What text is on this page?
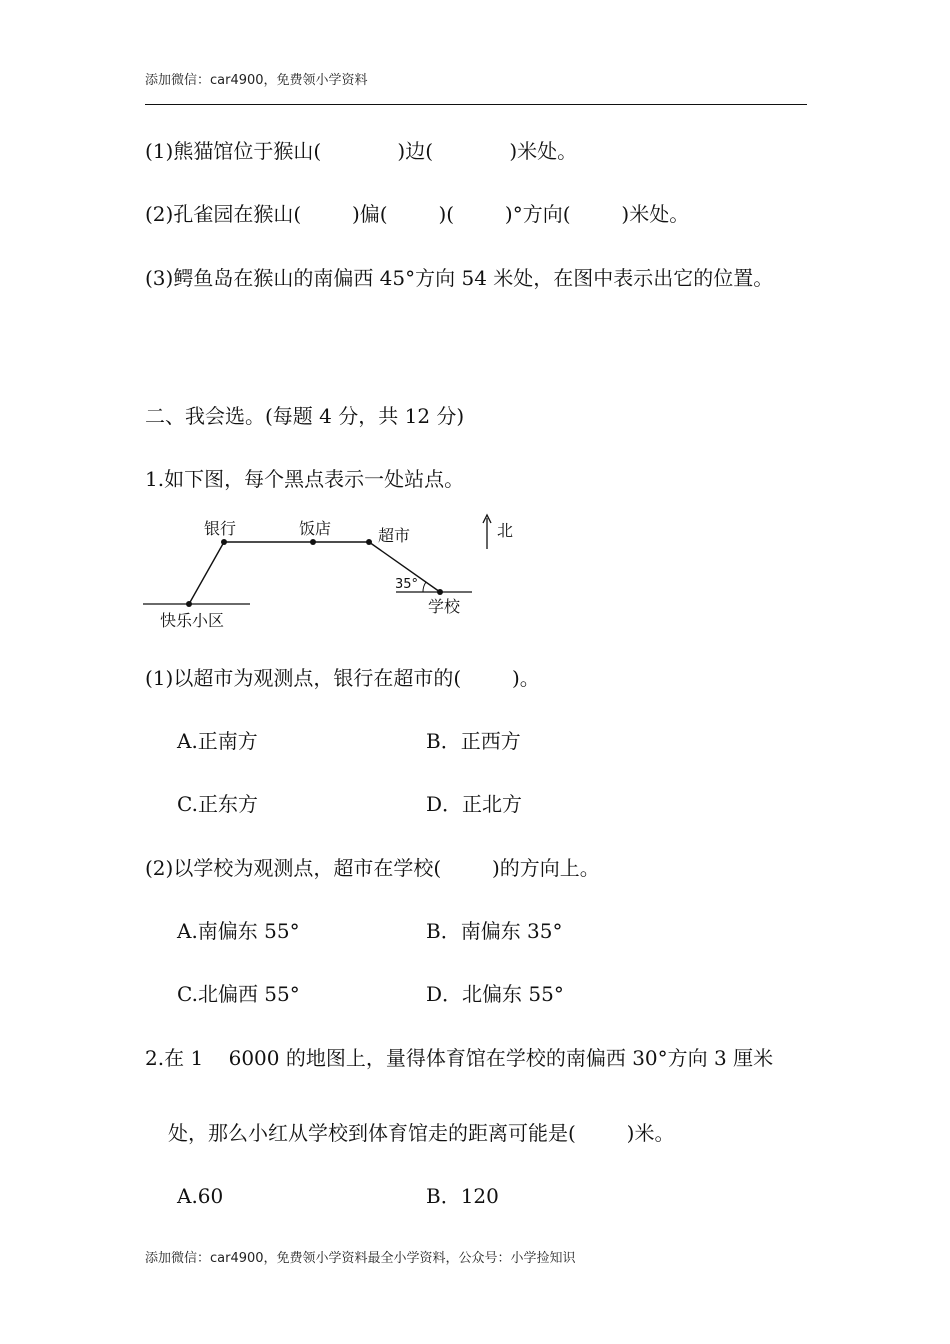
添加微信：car4900，免费领小学资料
(1)熊猫馆位于猴山(            )边(            )米处。
(2)孔雀园在猴山(        )偏(        )(        )°方向(        )米处。
(3)鳄鱼岛在猴山的南偏西 45°方向 54 米处，在图中表示出它的位置。
二、我会选。(每题 4 分，共 12 分)
1.如下图，每个黑点表示一处站点。
银行	饭店	超市	北
35°
学校
快乐小区
(1)以超市为观测点，银行在超市的(        )。
A.正南方	B．正西方
C.正东方	D．正北方
(2)以学校为观测点，超市在学校(        )的方向上。
A.南偏东 55°	B．南偏东 35°
C.北偏西 55°	D．北偏东 55°
2.在 1    6000 的地图上，量得体育馆在学校的南偏西 30°方向 3 厘米
处，那么小红从学校到体育馆走的距离可能是(        )米。
A.60	B．120
添加微信：car4900，免费领小学资料最全小学资料，公众号：小学捡知识
